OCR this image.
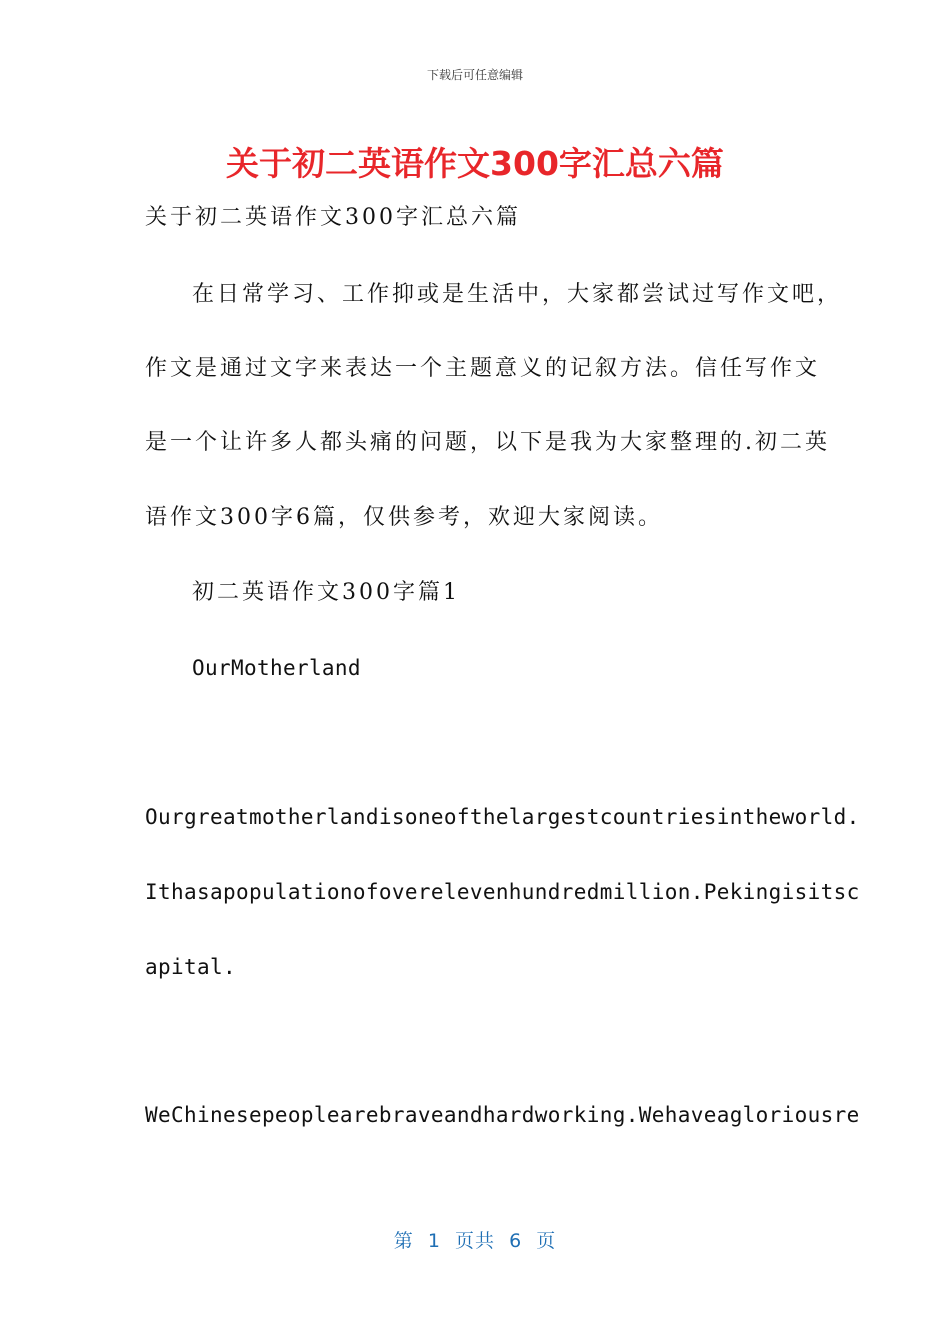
下载后可任意编辑
关于初二英语作文300字汇总六篇
关于初二英语作文300字汇总六篇
在日常学习、工作抑或是生活中，大家都尝试过写作文吧，
作文是通过文字来表达一个主题意义的记叙方法。信任写作文
是一个让许多人都头痛的问题，以下是我为大家整理的.初二英
语作文300字6篇，仅供参考，欢迎大家阅读。
初二英语作文300字篇1
OurMotherland
Ourgreatmotherlandisoneofthelargestcountriesintheworld.
Ithasapopulationofoverelevenhundredmillion.Pekingisitsc
apital.
WeChinesepeoplearebraveandhardworking.Wehaveagloriousre
第  1  页共  6  页
